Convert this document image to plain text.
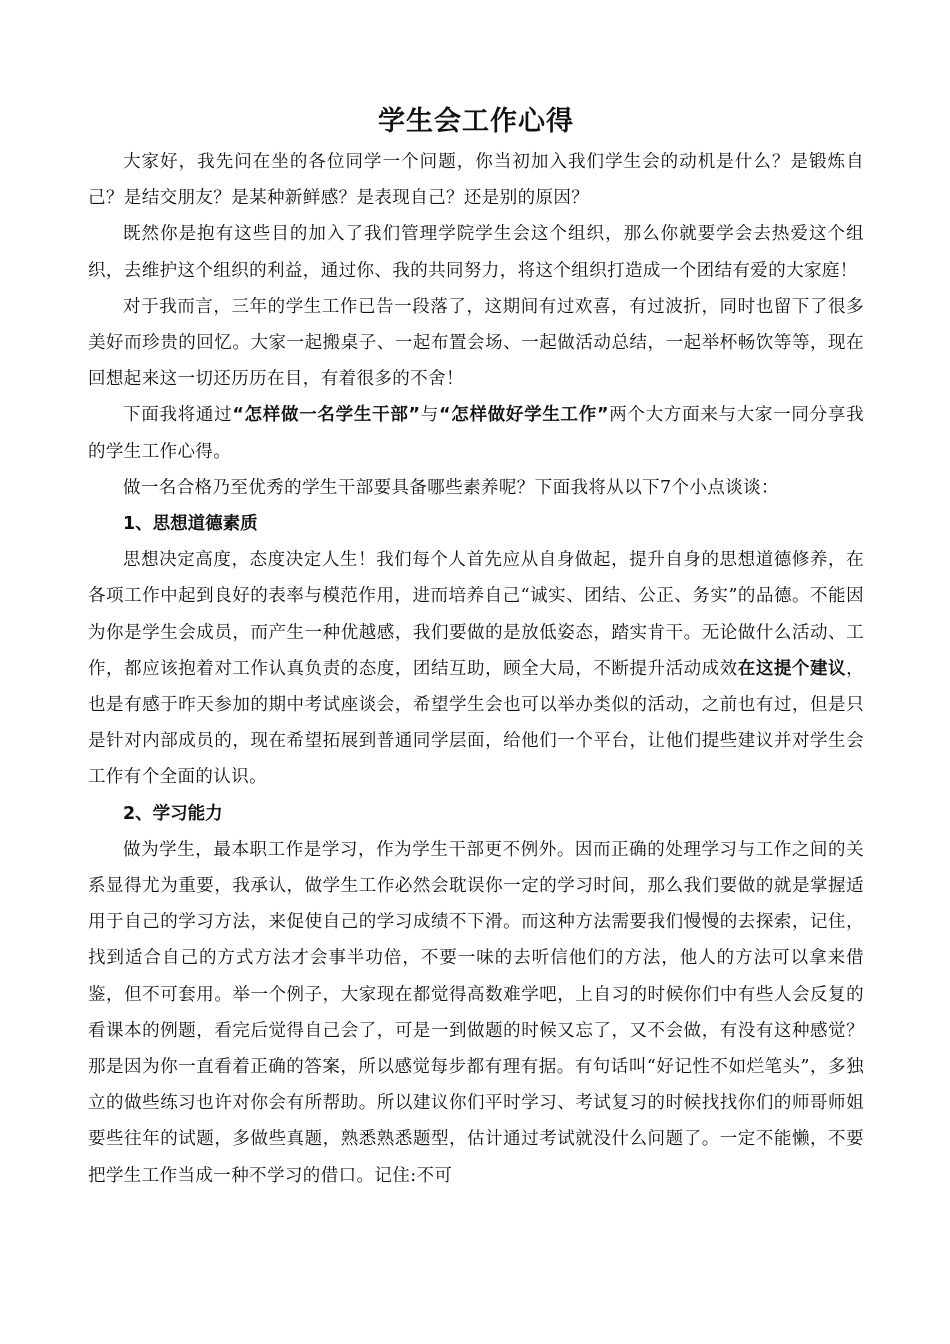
学生会工作心得

大家好，我先问在坐的各位同学一个问题，你当初加入我们学生会的动机是什么？是锻炼自己？是结交朋友？是某种新鲜感？是表现自己？还是别的原因？

既然你是抱有这些目的加入了我们管理学院学生会这个组织，那么你就要学会去热爱这个组织，去维护这个组织的利益，通过你、我的共同努力，将这个组织打造成一个团结有爱的大家庭！

对于我而言，三年的学生工作已告一段落了，这期间有过欢喜，有过波折，同时也留下了很多美好而珍贵的回忆。大家一起搬桌子、一起布置会场、一起做活动总结，一起举杯畅饮等等，现在回想起来这一切还历历在目，有着很多的不舍！

下面我将通过“怎样做一名学生干部”与“怎样做好学生工作”两个大方面来与大家一同分享我的学生工作心得。

做一名合格乃至优秀的学生干部要具备哪些素养呢？下面我将从以下7个小点谈谈：

1、思想道德素质

思想决定高度，态度决定人生！我们每个人首先应从自身做起，提升自身的思想道德修养，在各项工作中起到良好的表率与模范作用，进而培养自己“诚实、团结、公正、务实”的品德。不能因为你是学生会成员，而产生一种优越感，我们要做的是放低姿态，踏实肯干。无论做什么活动、工作，都应该抱着对工作认真负责的态度，团结互助，顾全大局，不断提升活动成效在这提个建议，也是有感于昨天参加的期中考试座谈会，希望学生会也可以举办类似的活动，之前也有过，但是只是针对内部成员的，现在希望拓展到普通同学层面，给他们一个平台，让他们提些建议并对学生会工作有个全面的认识。

2、学习能力

做为学生，最本职工作是学习，作为学生干部更不例外。因而正确的处理学习与工作之间的关系显得尤为重要，我承认，做学生工作必然会耽误你一定的学习时间，那么我们要做的就是掌握适用于自己的学习方法，来促使自己的学习成绩不下滑。而这种方法需要我们慢慢的去探索，记住，找到适合自己的方式方法才会事半功倍，不要一味的去听信他们的方法，他人的方法可以拿来借鉴，但不可套用。举一个例子，大家现在都觉得高数难学吧，上自习的时候你们中有些人会反复的看课本的例题，看完后觉得自己会了，可是一到做题的时候又忘了，又不会做，有没有这种感觉？那是因为你一直看着正确的答案，所以感觉每步都有理有据。有句话叫“好记性不如烂笔头”，多独立的做些练习也许对你会有所帮助。所以建议你们平时学习、考试复习的时候找找你们的师哥师姐要些往年的试题，多做些真题，熟悉熟悉题型，估计通过考试就没什么问题了。一定不能懒，不要把学生工作当成一种不学习的借口。记住:不可
